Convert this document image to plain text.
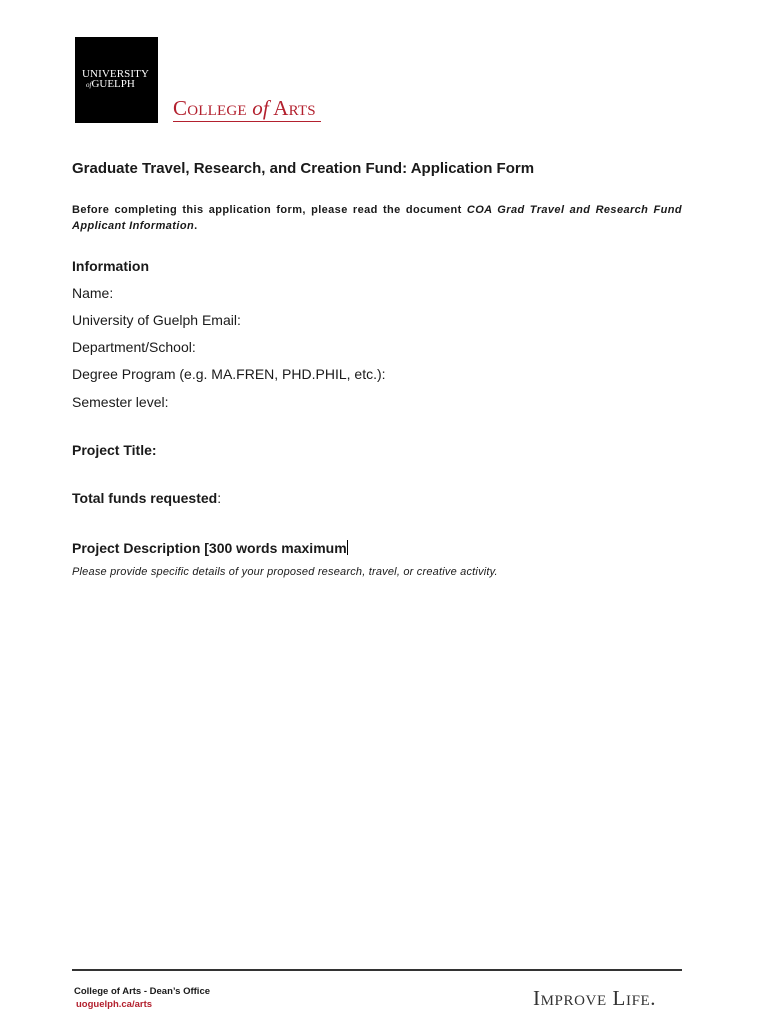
UNIVERSITY
ofGUELPH
College of Arts
Graduate Travel, Research, and Creation Fund: Application Form

Before completing this application form, please read the document COA Grad Travel and Research Fund Applicant Information.

Information

Name:

University of Guelph Email:

Department/School:

Degree Program (e.g. MA.FREN, PHD.PHIL, etc.):

Semester level:

Project Title:

Total funds requested:

Project Description [300 words maximum

Please provide specific details of your proposed research, travel, or creative activity.

College of Arts - Dean’s Office

uoguelph.ca/arts	Improve Life.
